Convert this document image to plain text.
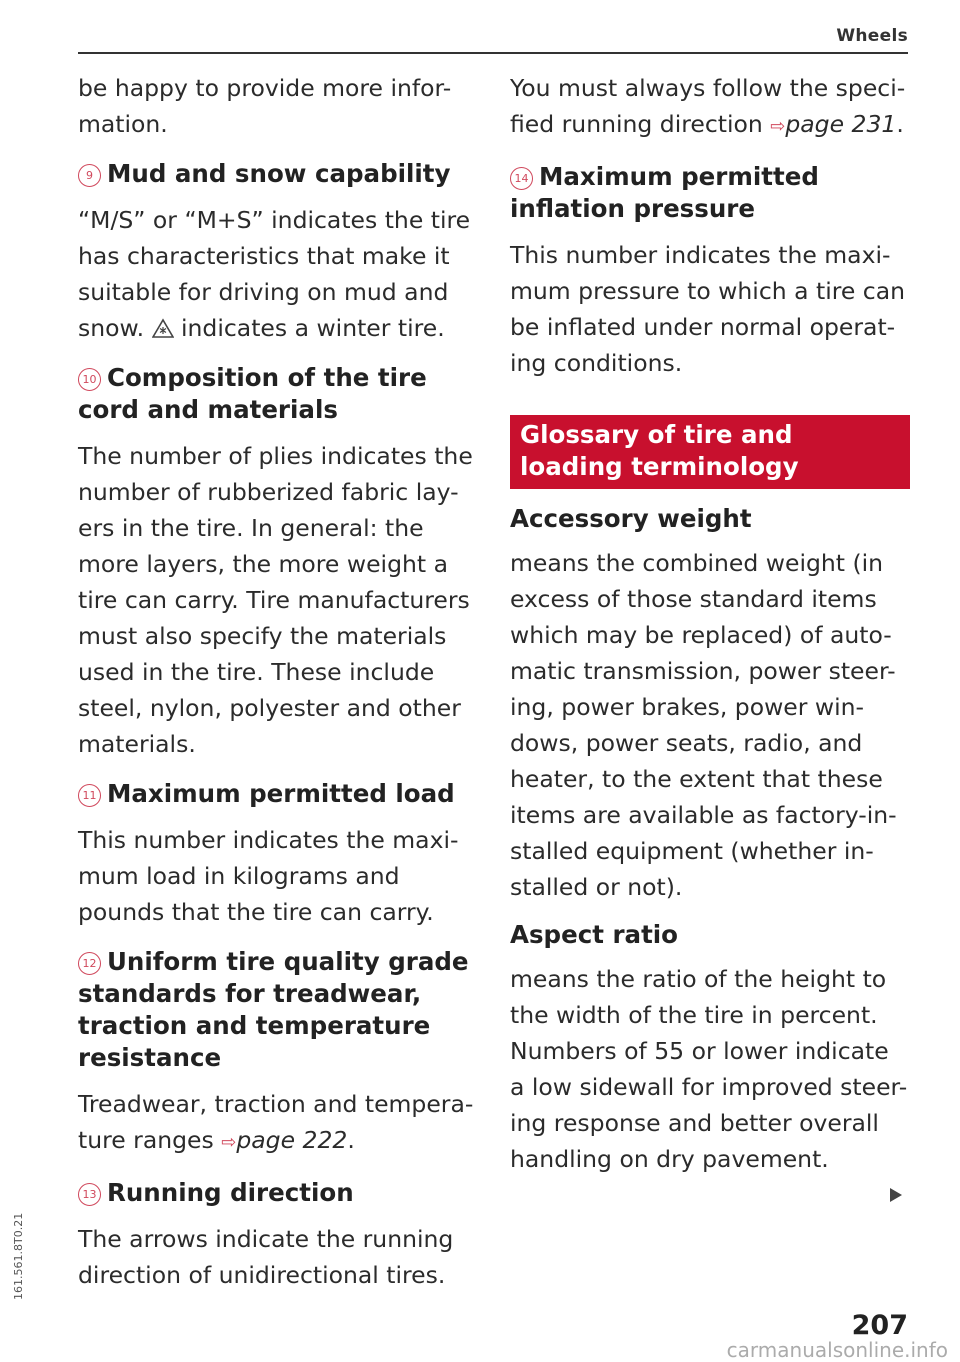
Wheels
161.561.8T0.21

be happy to provide more infor-mation.

9 Mud and snow capability

“M/S” or “M+S” indicates the tire has characteristics that make it suitable for driving on mud and snow.  indicates a winter tire.

10 Composition of the tire cord and materials

The number of plies indicates the number of rubberized fabric lay-ers in the tire. In general: the more layers, the more weight a tire can carry. Tire manufacturers must also specify the materials used in the tire. These include steel, nylon, polyester and other materials.

11 Maximum permitted load

This number indicates the maxi-mum load in kilograms and pounds that the tire can carry.

12 Uniform tire quality grade standards for treadwear, traction and temperature resistance

Treadwear, traction and tempera-ture ranges ⇨page 222.

13 Running direction

The arrows indicate the running direction of unidirectional tires.

You must always follow the speci-fied running direction ⇨page 231.

14 Maximum permitted inflation pressure

This number indicates the maxi-mum pressure to which a tire can be inflated under normal operat-ing conditions.

Glossary of tire and loading terminology
Accessory weight

means the combined weight (in excess of those standard items which may be replaced) of auto-matic transmission, power steer-ing, power brakes, power win-dows, power seats, radio, and heater, to the extent that these items are available as factory-in-stalled equipment (whether in-stalled or not).

Aspect ratio

means the ratio of the height to the width of the tire in percent. Numbers of 55 or lower indicate a low sidewall for improved steer-ing response and better overall handling on dry pavement.

207
carmanualsonline.info
